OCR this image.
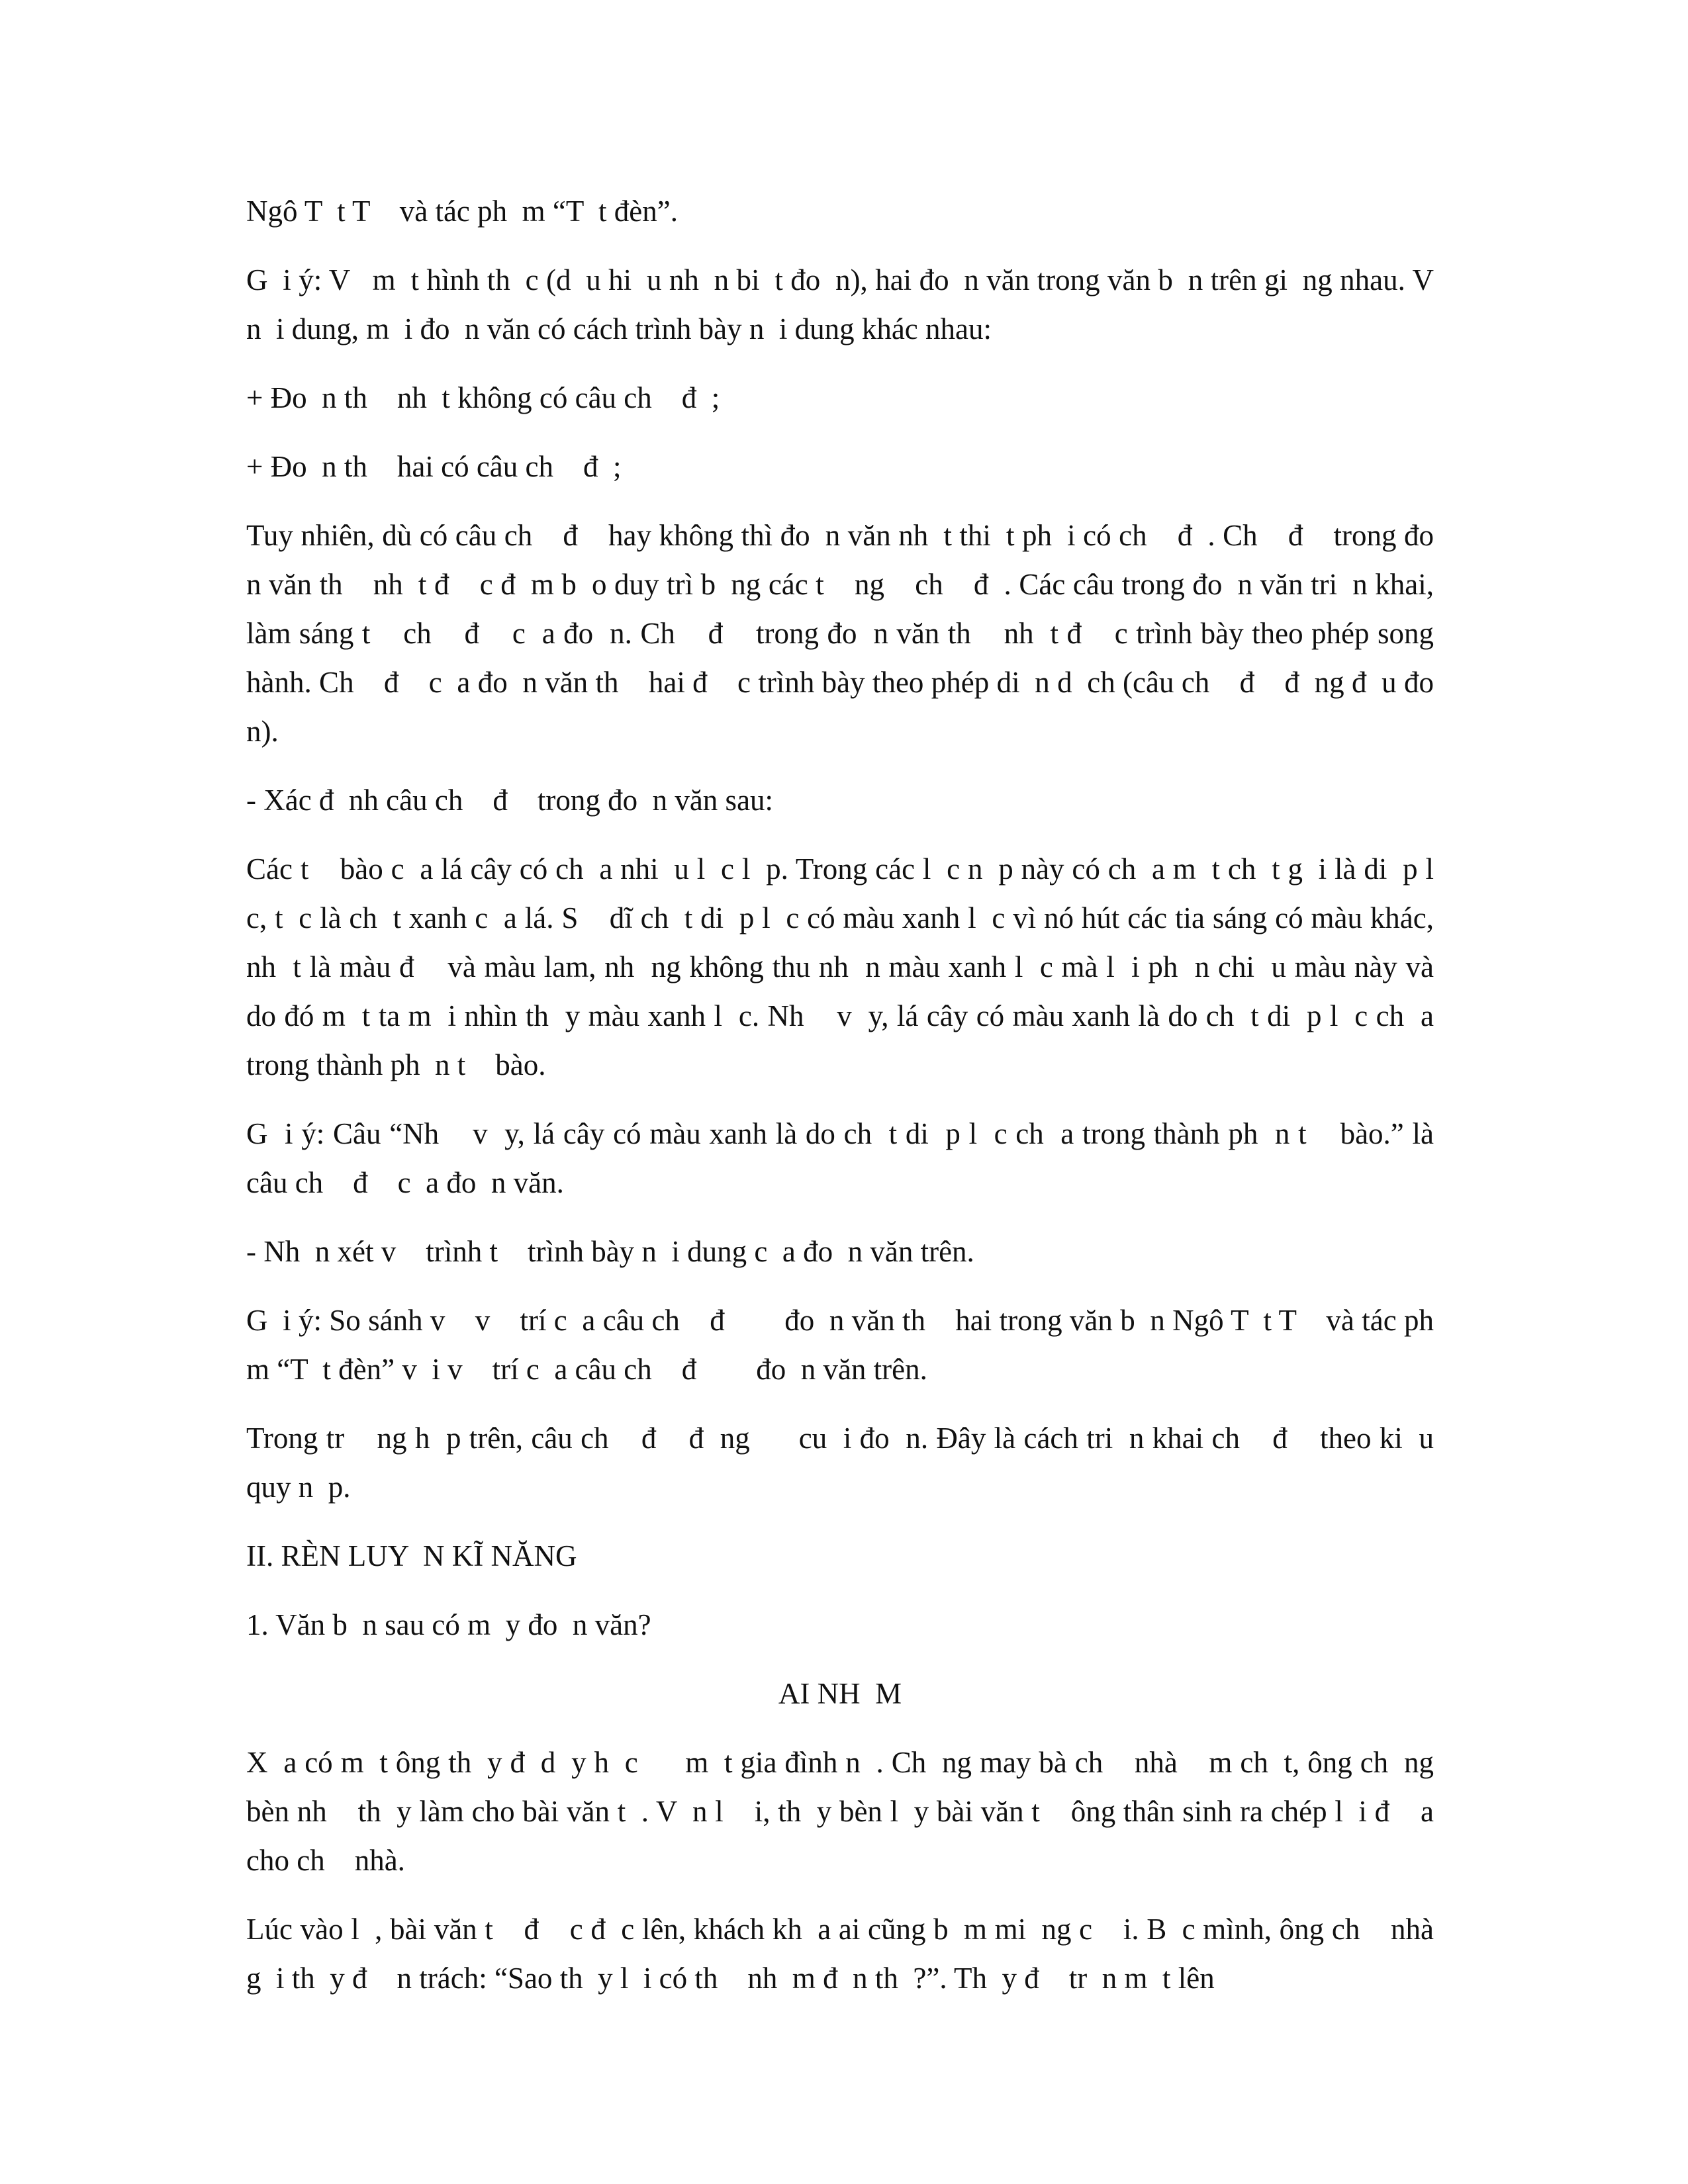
Ngô T  t T    và tác ph  m “T  t đèn”.

G  i ý: V   m  t hình th  c (d  u hi  u nh  n bi  t đo  n), hai đo  n văn trong văn b  n trên gi  ng nhau. V   n  i dung, m  i đo  n văn có cách trình bày n  i dung khác nhau:

+ Đo  n th    nh  t không có câu ch    đ  ;

+ Đo  n th    hai có câu ch    đ  ;

Tuy nhiên, dù có câu ch    đ    hay không thì đo  n văn nh  t thi  t ph  i có ch    đ  . Ch    đ    trong đo  n văn th    nh  t đ    c đ  m b  o duy trì b  ng các t    ng    ch    đ  . Các câu trong đo  n văn tri  n khai, làm sáng t    ch    đ    c  a đo  n. Ch    đ    trong đo  n văn th    nh  t đ    c trình bày theo phép song hành. Ch    đ    c  a đo  n văn th    hai đ    c trình bày theo phép di  n d  ch (câu ch    đ    đ  ng đ  u đo  n).

- Xác đ  nh câu ch    đ    trong đo  n văn sau:

Các t    bào c  a lá cây có ch  a nhi  u l  c l  p. Trong các l  c n  p này có ch  a m  t ch  t g  i là di  p l  c, t  c là ch  t xanh c  a lá. S    dĩ ch  t di  p l  c có màu xanh l  c vì nó hút các tia sáng có màu khác, nh  t là màu đ    và màu lam, nh  ng không thu nh  n màu xanh l  c mà l  i ph  n chi  u màu này và do đó m  t ta m  i nhìn th  y màu xanh l  c. Nh    v  y, lá cây có màu xanh là do ch  t di  p l  c ch  a trong thành ph  n t    bào.

G  i ý: Câu “Nh    v  y, lá cây có màu xanh là do ch  t di  p l  c ch  a trong thành ph  n t    bào.” là câu ch    đ    c  a đo  n văn.

- Nh  n xét v    trình t    trình bày n  i dung c  a đo  n văn trên.

G  i ý: So sánh v    v    trí c  a câu ch    đ        đo  n văn th    hai trong văn b  n Ngô T  t T    và tác ph  m “T  t đèn” v  i v    trí c  a câu ch    đ        đo  n văn trên.

Trong tr    ng h  p trên, câu ch    đ    đ  ng      cu  i đo  n. Đây là cách tri  n khai ch    đ    theo ki  u quy n  p.

II. RÈN LUY  N KĨ NĂNG

1. Văn b  n sau có m  y đo  n văn?

AI NH  M

X  a có m  t ông th  y đ  d  y h  c      m  t gia đình n  . Ch  ng may bà ch    nhà    m ch  t, ông ch  ng bèn nh    th  y làm cho bài văn t  . V  n l    i, th  y bèn l  y bài văn t    ông thân sinh ra chép l  i đ    a cho ch    nhà.

Lúc vào l  , bài văn t    đ    c đ  c lên, khách kh  a ai cũng b  m mi  ng c    i. B  c mình, ông ch    nhà g  i th  y đ    n trách: “Sao th  y l  i có th    nh  m đ  n th  ?”. Th  y đ    tr  n m  t lên
